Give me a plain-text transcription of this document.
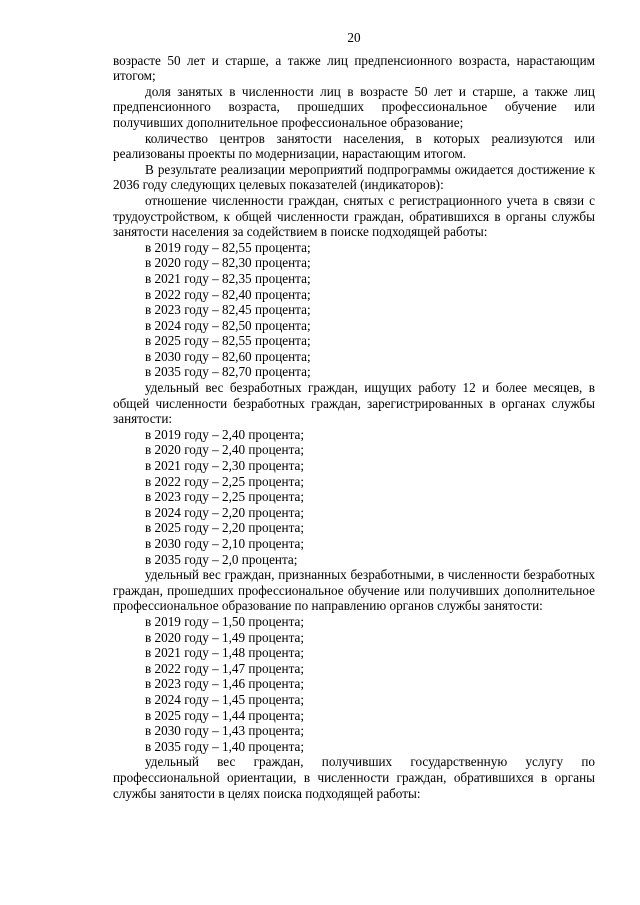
20

возрасте 50 лет и старше, а также лиц предпенсионного возраста, нарастающим итогом;

доля занятых в численности лиц в возрасте 50 лет и старше, а также лиц предпенсионного возраста, прошедших профессиональное обучение или получивших дополнительное профессиональное образование;

количество центров занятости населения, в которых реализуются или реализованы проекты по модернизации, нарастающим итогом.

В результате реализации мероприятий подпрограммы ожидается достижение к 2036 году следующих целевых показателей (индикаторов):

отношение численности граждан, снятых с регистрационного учета в связи с трудоустройством, к общей численности граждан, обратившихся в органы службы занятости населения за содействием в поиске подходящей работы:

в 2019 году – 82,55 процента;

в 2020 году – 82,30 процента;

в 2021 году – 82,35 процента;

в 2022 году – 82,40 процента;

в 2023 году – 82,45 процента;

в 2024 году – 82,50 процента;

в 2025 году – 82,55 процента;

в 2030 году – 82,60 процента;

в 2035 году – 82,70 процента;

удельный вес безработных граждан, ищущих работу 12 и более месяцев, в общей численности безработных граждан, зарегистрированных в органах службы занятости:

в 2019 году – 2,40 процента;

в 2020 году – 2,40 процента;

в 2021 году – 2,30 процента;

в 2022 году – 2,25 процента;

в 2023 году – 2,25 процента;

в 2024 году – 2,20 процента;

в 2025 году – 2,20 процента;

в 2030 году – 2,10 процента;

в 2035 году – 2,0 процента;

удельный вес граждан, признанных безработными, в численности безработных граждан, прошедших профессиональное обучение или получивших дополнительное профессиональное образование по направлению органов службы занятости:

в 2019 году – 1,50 процента;

в 2020 году – 1,49 процента;

в 2021 году – 1,48 процента;

в 2022 году – 1,47 процента;

в 2023 году – 1,46 процента;

в 2024 году – 1,45 процента;

в 2025 году – 1,44 процента;

в 2030 году – 1,43 процента;

в 2035 году – 1,40 процента;

удельный вес граждан, получивших государственную услугу по профессиональной ориентации, в численности граждан, обратившихся в органы службы занятости в целях поиска подходящей работы:
